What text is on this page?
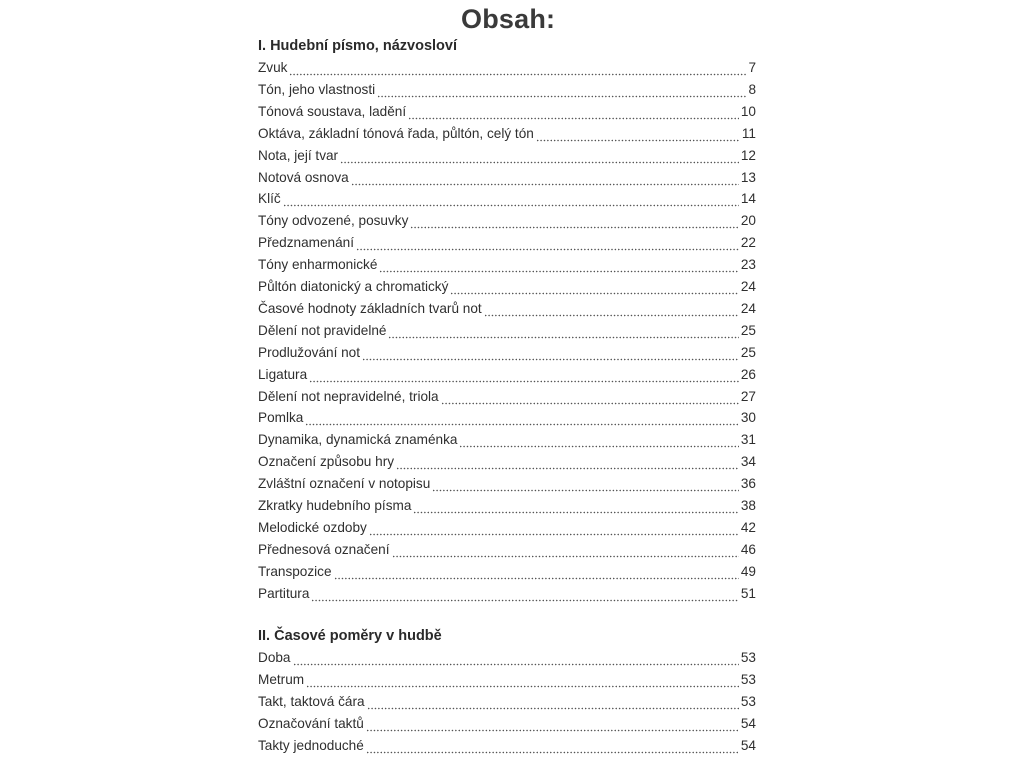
Obsah:
I. Hudební písmo, názvosloví
Zvuk	7
Tón, jeho vlastnosti	8
Tónová soustava, ladění	10
Oktáva, základní tónová řada, půltón, celý tón	11
Nota, její tvar	12
Notová osnova	13
Klíč	14
Tóny odvozené, posuvky	20
Předznamenání	22
Tóny enharmonické	23
Půltón diatonický a chromatický	24
Časové hodnoty základních tvarů not	24
Dělení not pravidelné	25
Prodlužování not	25
Ligatura	26
Dělení not nepravidelné, triola	27
Pomlka	30
Dynamika, dynamická znaménka	31
Označení způsobu hry	34
Zvláštní označení v notopisu	36
Zkratky hudebního písma	38
Melodické ozdoby	42
Přednesová označení	46
Transpozice	49
Partitura	51
II. Časové poměry v hudbě
Doba	53
Metrum	53
Takt, taktová čára	53
Označování taktů	54
Takty jednoduché	54
